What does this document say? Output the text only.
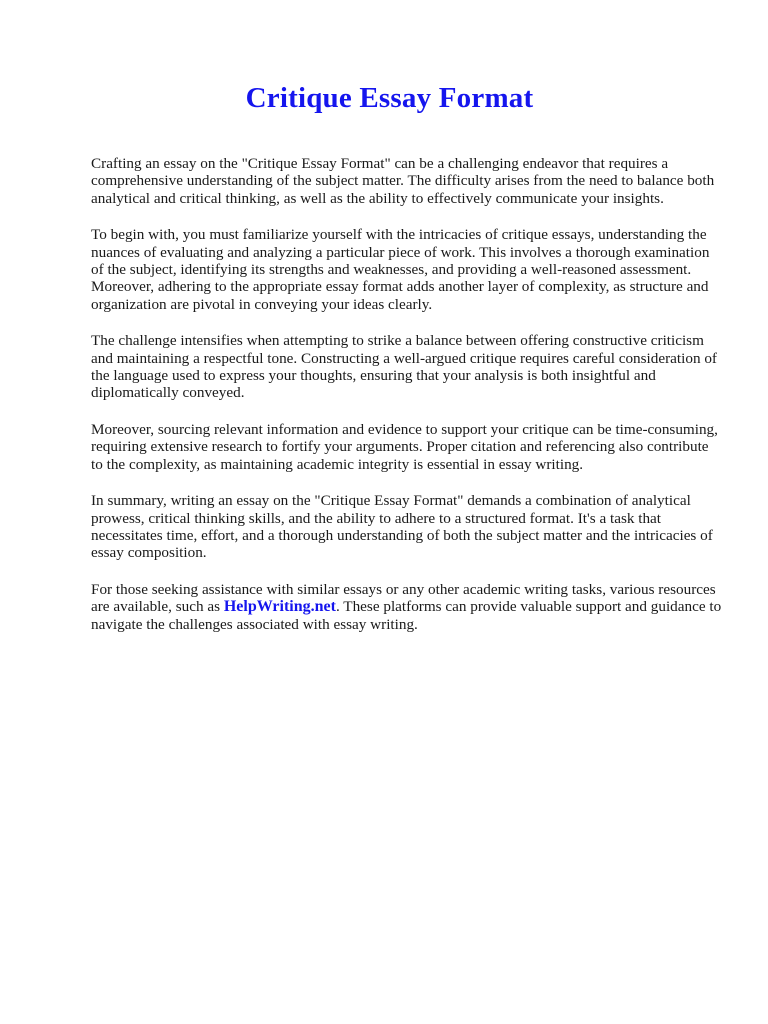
Critique Essay Format

Crafting an essay on the "Critique Essay Format" can be a challenging endeavor that requires a comprehensive understanding of the subject matter. The difficulty arises from the need to balance both analytical and critical thinking, as well as the ability to effectively communicate your insights.

To begin with, you must familiarize yourself with the intricacies of critique essays, understanding the nuances of evaluating and analyzing a particular piece of work. This involves a thorough examination of the subject, identifying its strengths and weaknesses, and providing a well-reasoned assessment. Moreover, adhering to the appropriate essay format adds another layer of complexity, as structure and organization are pivotal in conveying your ideas clearly.

The challenge intensifies when attempting to strike a balance between offering constructive criticism and maintaining a respectful tone. Constructing a well-argued critique requires careful consideration of the language used to express your thoughts, ensuring that your analysis is both insightful and diplomatically conveyed.

Moreover, sourcing relevant information and evidence to support your critique can be time-consuming, requiring extensive research to fortify your arguments. Proper citation and referencing also contribute to the complexity, as maintaining academic integrity is essential in essay writing.

In summary, writing an essay on the "Critique Essay Format" demands a combination of analytical prowess, critical thinking skills, and the ability to adhere to a structured format. It's a task that necessitates time, effort, and a thorough understanding of both the subject matter and the intricacies of essay composition.

For those seeking assistance with similar essays or any other academic writing tasks, various resources are available, such as HelpWriting.net. These platforms can provide valuable support and guidance to navigate the challenges associated with essay writing.
